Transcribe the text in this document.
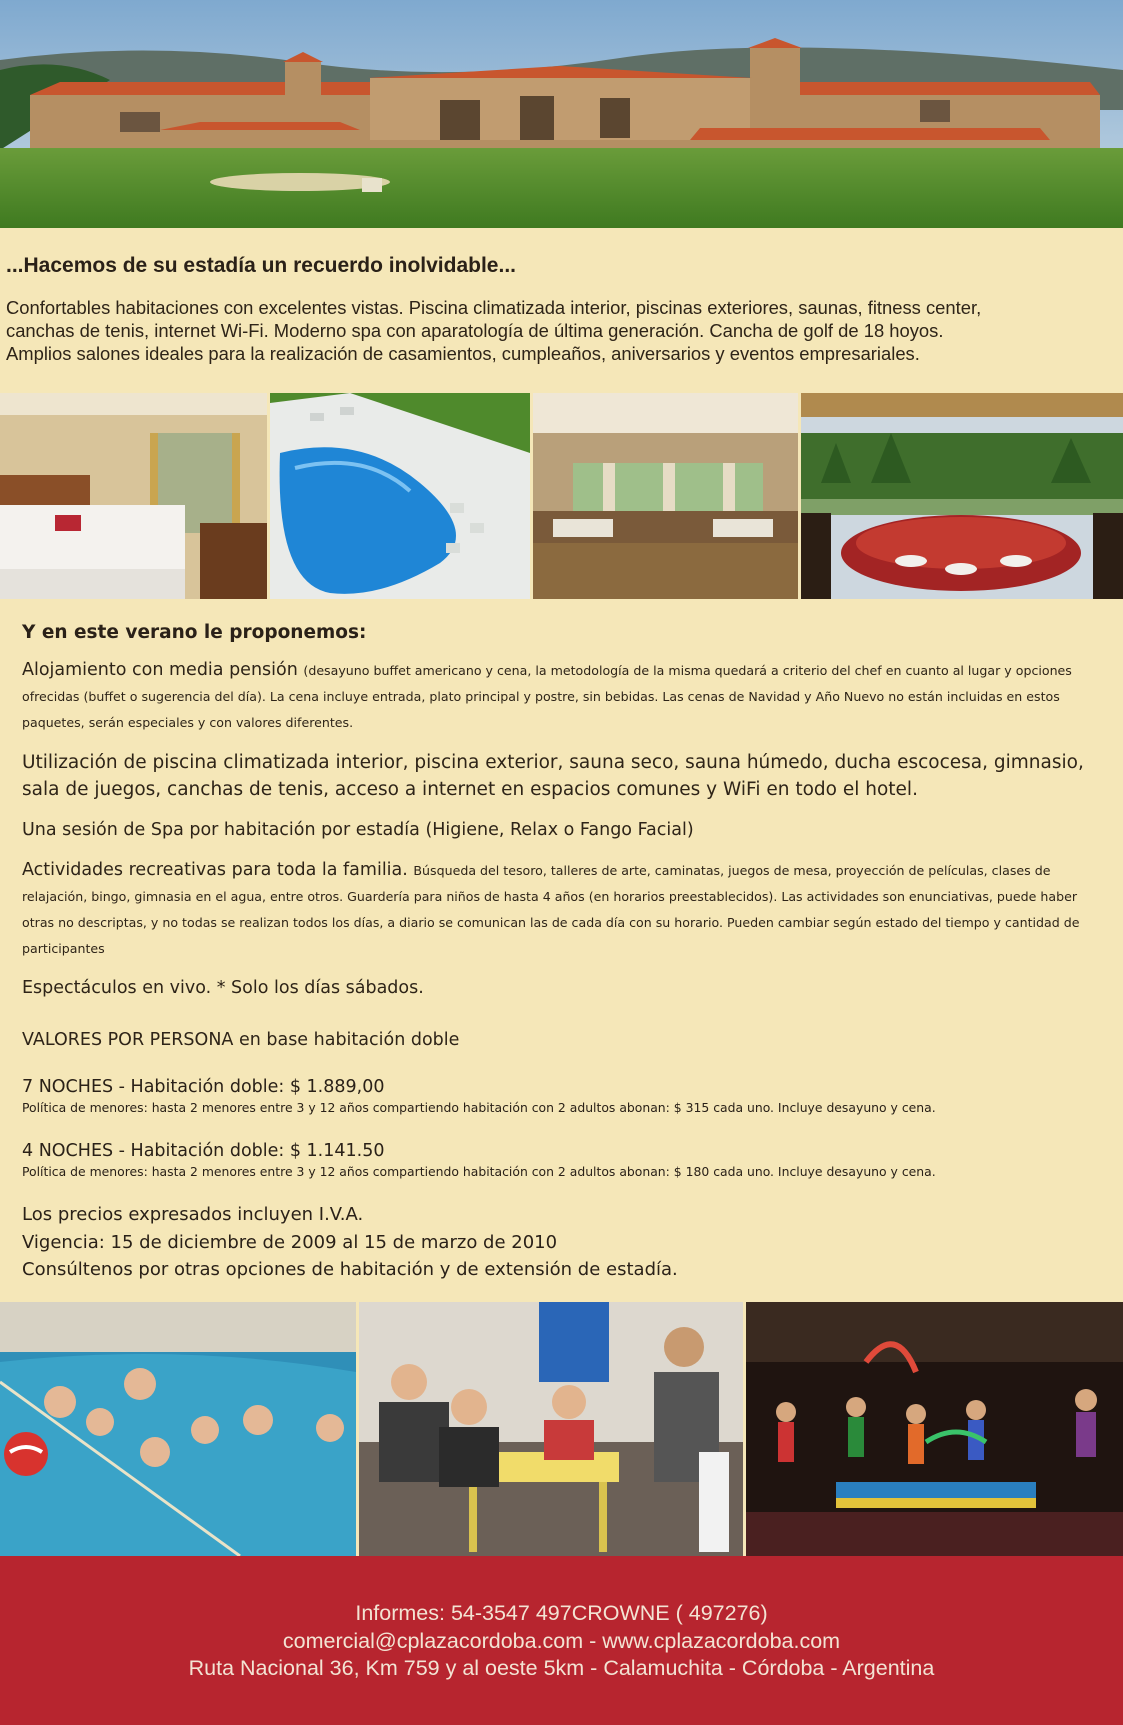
...Hacemos de su estadía un recuerdo inolvidable...
Confortables habitaciones con excelentes vistas. Piscina climatizada interior, piscinas exteriores, saunas, fitness center,
canchas de tenis, internet Wi-Fi. Moderno spa con aparatología de última generación. Cancha de golf de 18 hoyos.
Amplios salones ideales para la realización de casamientos, cumpleaños, aniversarios y eventos empresariales.
Y en este verano le proponemos:
Alojamiento con media pensión (desayuno buffet americano y cena, la metodología de la misma quedará a criterio del chef en cuanto al lugar y opciones ofrecidas (buffet o sugerencia del día). La cena incluye entrada, plato principal y postre, sin bebidas. Las cenas de Navidad y Año Nuevo no están incluidas en estos paquetes, serán especiales y con valores diferentes.
Utilización de piscina climatizada interior, piscina exterior, sauna seco, sauna húmedo, ducha escocesa, gimnasio, sala de juegos, canchas de tenis, acceso a internet en espacios comunes y WiFi en todo el hotel.
Una sesión de Spa por habitación por estadía (Higiene, Relax o Fango Facial)
Actividades recreativas para toda la familia. Búsqueda del tesoro, talleres de arte, caminatas, juegos de mesa, proyección de películas, clases de relajación, bingo, gimnasia en el agua, entre otros. Guardería para niños de hasta 4 años (en horarios preestablecidos). Las actividades son enunciativas, puede haber otras no descriptas, y no todas se realizan todos los días, a diario se comunican las de cada día con su horario. Pueden cambiar según estado del tiempo y cantidad de participantes
Espectáculos en vivo. * Solo los días sábados.
VALORES POR PERSONA en base habitación doble
7 NOCHES - Habitación doble: $ 1.889,00
Política de menores: hasta 2 menores entre 3 y 12 años compartiendo habitación con 2 adultos abonan: $ 315 cada uno. Incluye desayuno y cena.
4 NOCHES - Habitación doble: $ 1.141.50
Política de menores: hasta 2 menores entre 3 y 12 años compartiendo habitación con 2 adultos abonan: $ 180 cada uno. Incluye desayuno y cena.
Los precios expresados incluyen I.V.A.
Vigencia: 15 de diciembre de 2009 al 15 de marzo de 2010
Consúltenos por otras opciones de habitación y de extensión de estadía.
Informes: 54-3547 497CROWNE ( 497276)
comercial@cplazacordoba.com - www.cplazacordoba.com
Ruta Nacional 36, Km 759 y al oeste 5km - Calamuchita - Córdoba - Argentina
